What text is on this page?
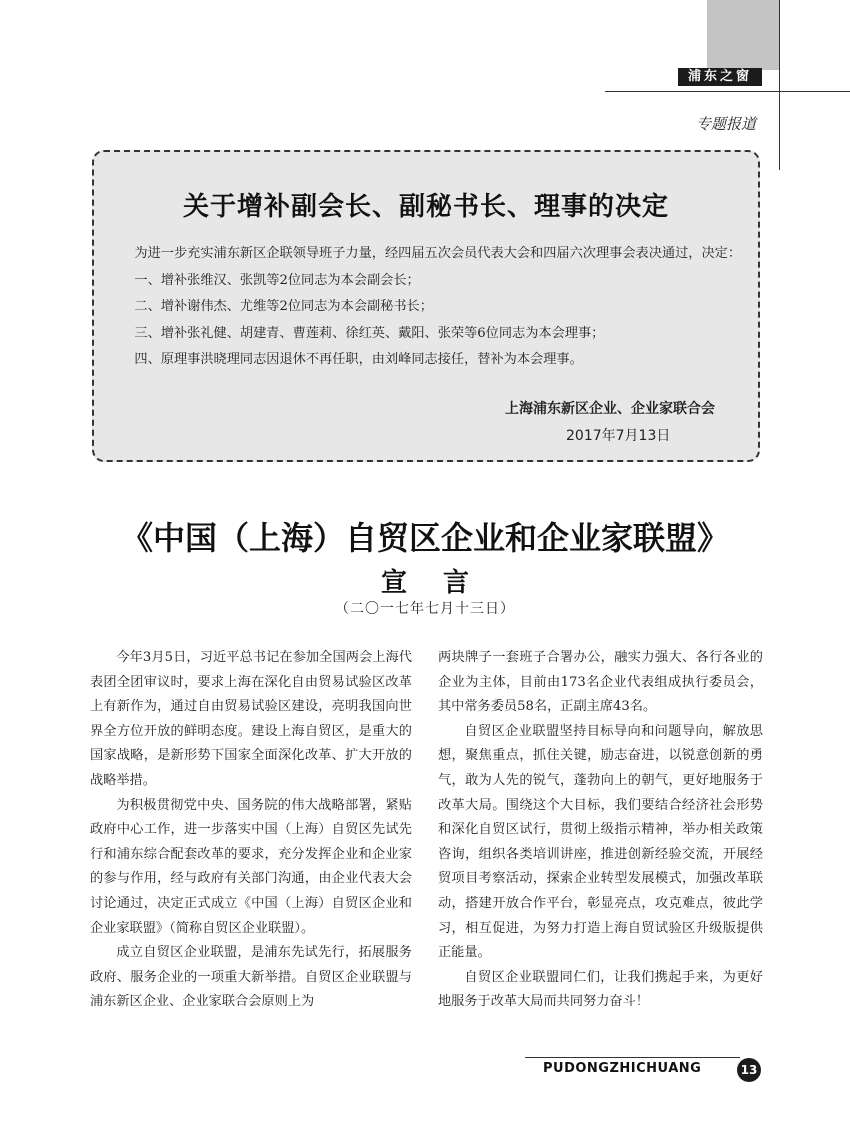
浦东之窗
专题报道
关于增补副会长、副秘书长、理事的决定

为进一步充实浦东新区企联领导班子力量，经四届五次会员代表大会和四届六次理事会表决通过，决定：

一、增补张维汉、张凯等2位同志为本会副会长；

二、增补谢伟杰、尤维等2位同志为本会副秘书长；

三、增补张礼健、胡建青、曹莲莉、徐红英、戴阳、张荣等6位同志为本会理事；

四、原理事洪晓理同志因退休不再任职，由刘峰同志接任，替补为本会理事。

上海浦东新区企业、企业家联合会
2017年7月13日
《中国（上海）自贸区企业和企业家联盟》
宣言
（二〇一七年七月十三日）

今年3月5日，习近平总书记在参加全国两会上海代表团全团审议时，要求上海在深化自由贸易试验区改革上有新作为，通过自由贸易试验区建设，亮明我国向世界全方位开放的鲜明态度。建设上海自贸区，是重大的国家战略，是新形势下国家全面深化改革、扩大开放的战略举措。

为积极贯彻党中央、国务院的伟大战略部署，紧贴政府中心工作，进一步落实中国（上海）自贸区先试先行和浦东综合配套改革的要求，充分发挥企业和企业家的参与作用，经与政府有关部门沟通，由企业代表大会讨论通过，决定正式成立《中国（上海）自贸区企业和企业家联盟》（简称自贸区企业联盟）。

成立自贸区企业联盟，是浦东先试先行，拓展服务政府、服务企业的一项重大新举措。自贸区企业联盟与浦东新区企业、企业家联合会原则上为

两块牌子一套班子合署办公，融实力强大、各行各业的企业为主体，目前由173名企业代表组成执行委员会，其中常务委员58名，正副主席43名。

自贸区企业联盟坚持目标导向和问题导向，解放思想，聚焦重点，抓住关键，励志奋进，以锐意创新的勇气，敢为人先的锐气，蓬勃向上的朝气，更好地服务于改革大局。围绕这个大目标，我们要结合经济社会形势和深化自贸区试行，贯彻上级指示精神，举办相关政策咨询，组织各类培训讲座，推进创新经验交流，开展经贸项目考察活动，探索企业转型发展模式，加强改革联动，搭建开放合作平台，彰显亮点，攻克难点，彼此学习，相互促进，为努力打造上海自贸试验区升级版提供正能量。

自贸区企业联盟同仁们，让我们携起手来，为更好地服务于改革大局而共同努力奋斗！

PUDONGZHICHUANG	13
